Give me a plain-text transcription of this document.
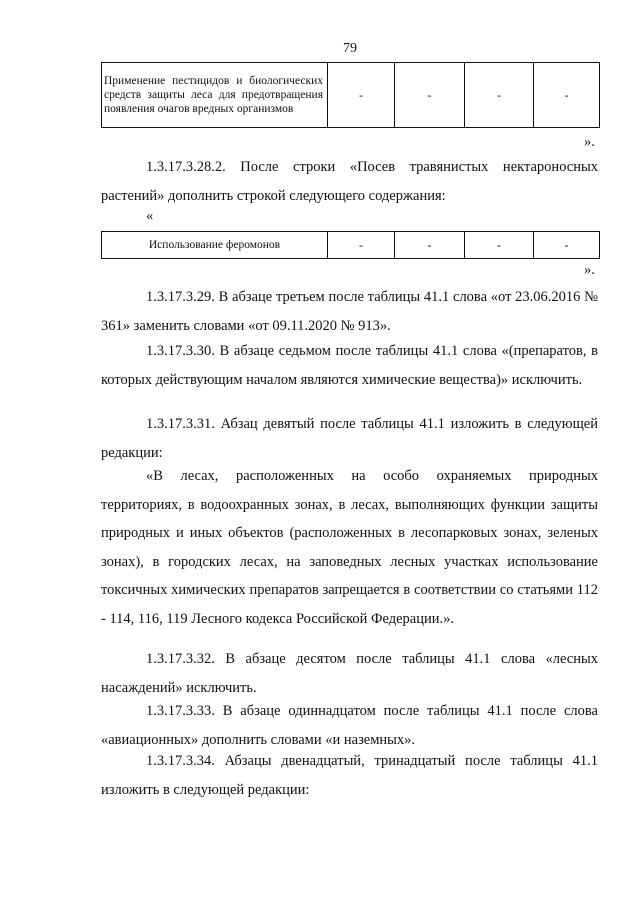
79
Применение пестицидов и биологических средств защиты леса для предотвращения появления очагов вредных организмов	-	-	-	-
».

1.3.17.3.28.2. После строки «Посев травянистых нектароносных растений» дополнить строкой следующего содержания:

«
Использование феромонов	-	-	-	-
».

1.3.17.3.29. В абзаце третьем после таблицы 41.1 слова «от 23.06.2016 № 361» заменить словами «от 09.11.2020 № 913».

1.3.17.3.30. В абзаце седьмом после таблицы 41.1 слова «(препаратов, в которых действующим началом являются химические вещества)» исключить.

1.3.17.3.31. Абзац девятый после таблицы 41.1 изложить в следующей редакции:

«В лесах, расположенных на особо охраняемых природных территориях, в водоохранных зонах, в лесах, выполняющих функции защиты природных и иных объектов (расположенных в лесопарковых зонах, зеленых зонах), в городских лесах, на заповедных лесных участках использование токсичных химических препаратов запрещается в соответствии со статьями 112 - 114, 116, 119 Лесного кодекса Российской Федерации.».

1.3.17.3.32. В абзаце десятом после таблицы 41.1 слова «лесных насаждений» исключить.

1.3.17.3.33. В абзаце одиннадцатом после таблицы 41.1 после слова «авиационных» дополнить словами «и наземных».

1.3.17.3.34. Абзацы двенадцатый, тринадцатый после таблицы 41.1 изложить в следующей редакции:
